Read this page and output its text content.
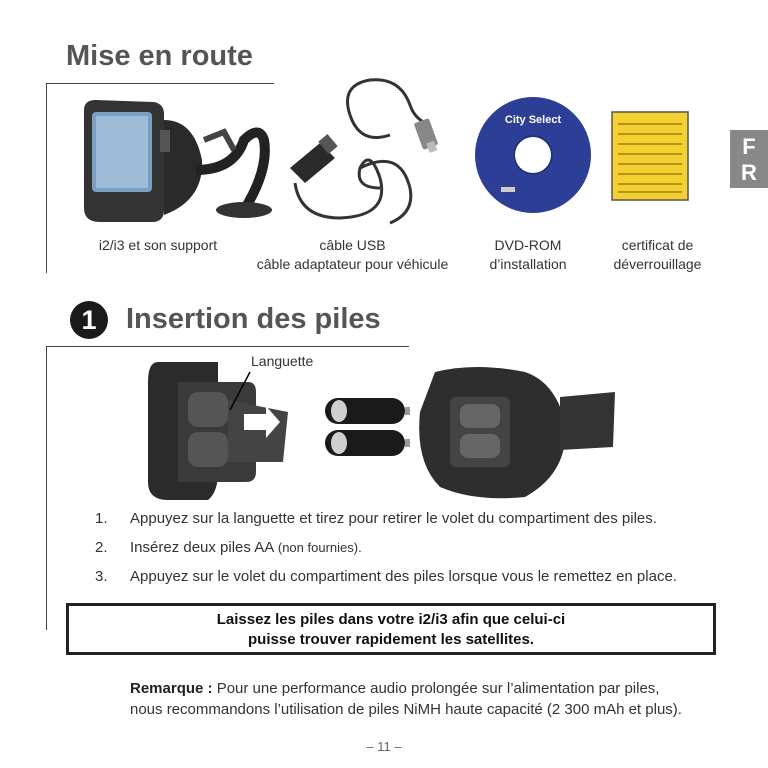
Mise en route
F
R
City Select
i2/i3 et son support	câble USB
câble adaptateur pour véhicule
DVD-ROM
d’installation
certificat de
déverrouillage
1	Insertion des piles
Languette
1. Appuyez sur la languette et tirez pour retirer le volet du compartiment des piles.
2. Insérez deux piles AA (non fournies).
3. Appuyez sur le volet du compartiment des piles lorsque vous le remettez en place.
Laissez les piles dans votre i2/i3 afin que celui-ci
puisse trouver rapidement les satellites.
Remarque : Pour une performance audio prolongée sur l’alimentation par piles,
nous recommandons l’utilisation de piles NiMH haute capacité (2 300 mAh et plus).
– 11 –
